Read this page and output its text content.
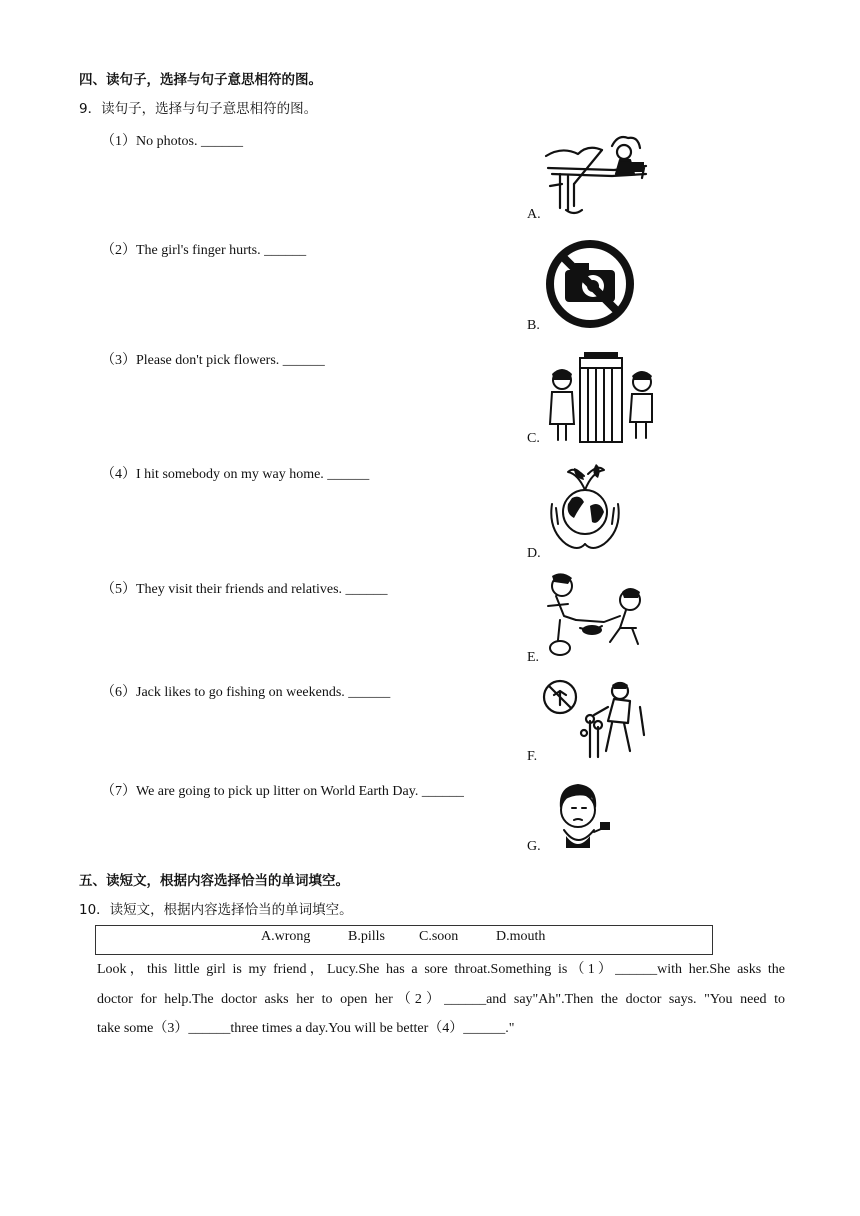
四、读句子，选择与句子意思相符的图。
9．读句子，选择与句子意思相符的图。
（1）No photos. ______
（2）The girl's finger hurts. ______
（3）Please don't pick flowers. ______
（4）I hit somebody on my way home. ______
（5）They visit their friends and relatives. ______
（6）Jack likes to go fishing on weekends. ______
（7）We are going to pick up litter on World Earth Day. ______
A.
B.
C.
D.
E.
F.
G.
五、读短文，根据内容选择恰当的单词填空。
10．读短文，根据内容选择恰当的单词填空。
A.wrong	B.pills C.soon	D.mouth
Look，this little girl is my friend，Lucy.She has a sore throat.Something is（1）______with her.She asks the
doctor for help.The doctor asks her to open her（2）______and say"Ah".Then the doctor says. "You need to
take some（3）______three times a day.You will be better（4）______."
